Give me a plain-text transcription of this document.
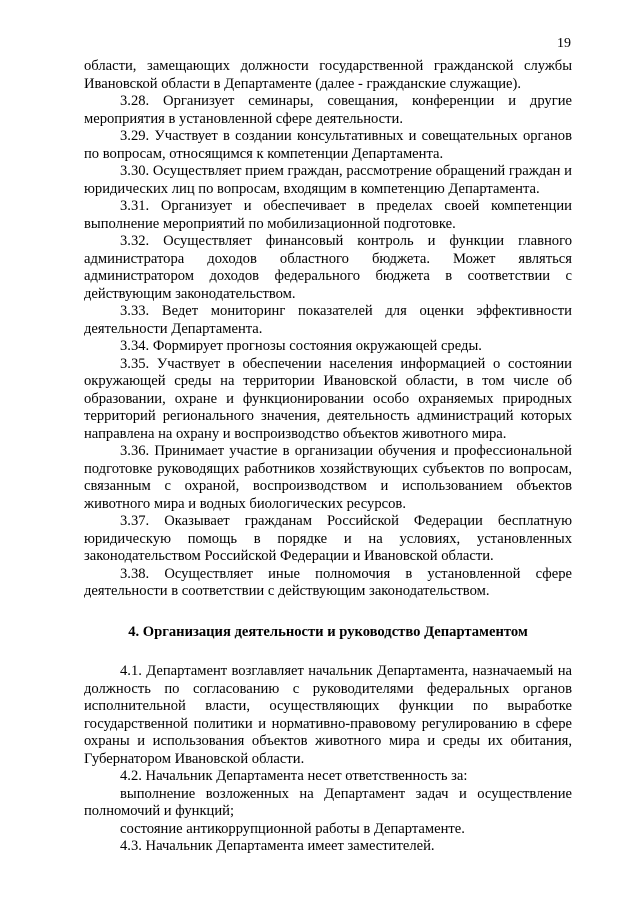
19

области, замещающих должности государственной гражданской службы Ивановской области в Департаменте (далее - гражданские служащие).

3.28. Организует семинары, совещания, конференции и другие мероприятия в установленной сфере деятельности.

3.29. Участвует в создании консультативных и совещательных органов по вопросам, относящимся к компетенции Департамента.

3.30. Осуществляет прием граждан, рассмотрение обращений граждан и юридических лиц по вопросам, входящим в компетенцию Департамента.

3.31. Организует и обеспечивает в пределах своей компетенции выполнение мероприятий по мобилизационной подготовке.

3.32. Осуществляет финансовый контроль и функции главного администратора доходов областного бюджета. Может являться администратором доходов федерального бюджета в соответствии с действующим законодательством.

3.33. Ведет мониторинг показателей для оценки эффективности деятельности Департамента.

3.34. Формирует прогнозы состояния окружающей среды.

3.35. Участвует в обеспечении населения информацией о состоянии окружающей среды на территории Ивановской области, в том числе об образовании, охране и функционировании особо охраняемых природных территорий регионального значения, деятельность администраций которых направлена на охрану и воспроизводство объектов животного мира.

3.36. Принимает участие в организации обучения и профессиональной подготовке руководящих работников хозяйствующих субъектов по вопросам, связанным с охраной, воспроизводством и использованием объектов животного мира и водных биологических ресурсов.

3.37. Оказывает гражданам Российской Федерации бесплатную юридическую помощь в порядке и на условиях, установленных законодательством Российской Федерации и Ивановской области.

3.38. Осуществляет иные полномочия в установленной сфере деятельности в соответствии с действующим законодательством.

4. Организация деятельности и руководство Департаментом

4.1. Департамент возглавляет начальник Департамента, назначаемый на должность по согласованию с руководителями федеральных органов исполнительной власти, осуществляющих функции по выработке государственной политики и нормативно-правовому регулированию в сфере охраны и использования объектов животного мира и среды их обитания, Губернатором Ивановской области.

4.2. Начальник Департамента несет ответственность за:

выполнение возложенных на Департамент задач и осуществление полномочий и функций;

состояние антикоррупционной работы в Департаменте.

4.3. Начальник Департамента имеет заместителей.
